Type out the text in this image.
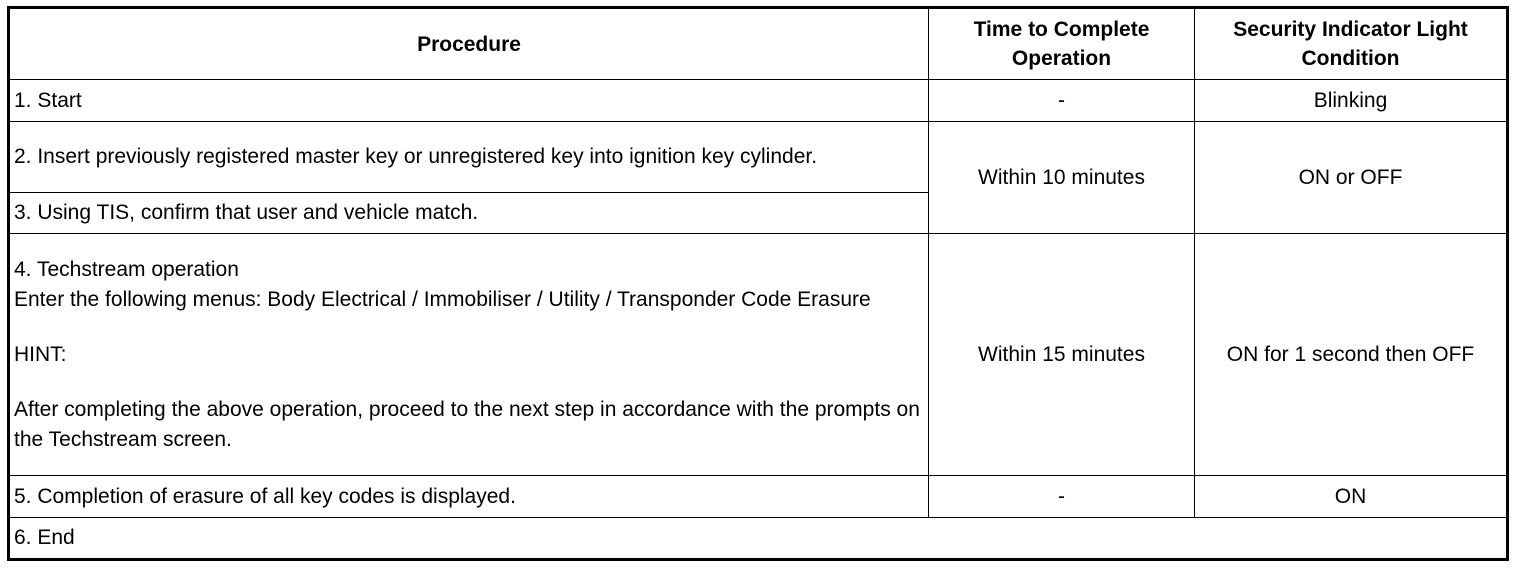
Procedure	Time to Complete Operation	Security Indicator Light Condition
1. Start	-	Blinking
2. Insert previously registered master key or unregistered key into ignition key cylinder.	Within 10 minutes	ON or OFF
3. Using TIS, confirm that user and vehicle match.		

4. Techstream operation
Enter the following menus: Body Electrical / Immobiliser / Utility / Transponder Code Erasure
HINT:
After completing the above operation, proceed to the next step in accordance with the prompts on the Techstream screen.	Within 15 minutes	ON for 1 second then OFF
5. Completion of erasure of all key codes is displayed.	-	ON
6. End		
